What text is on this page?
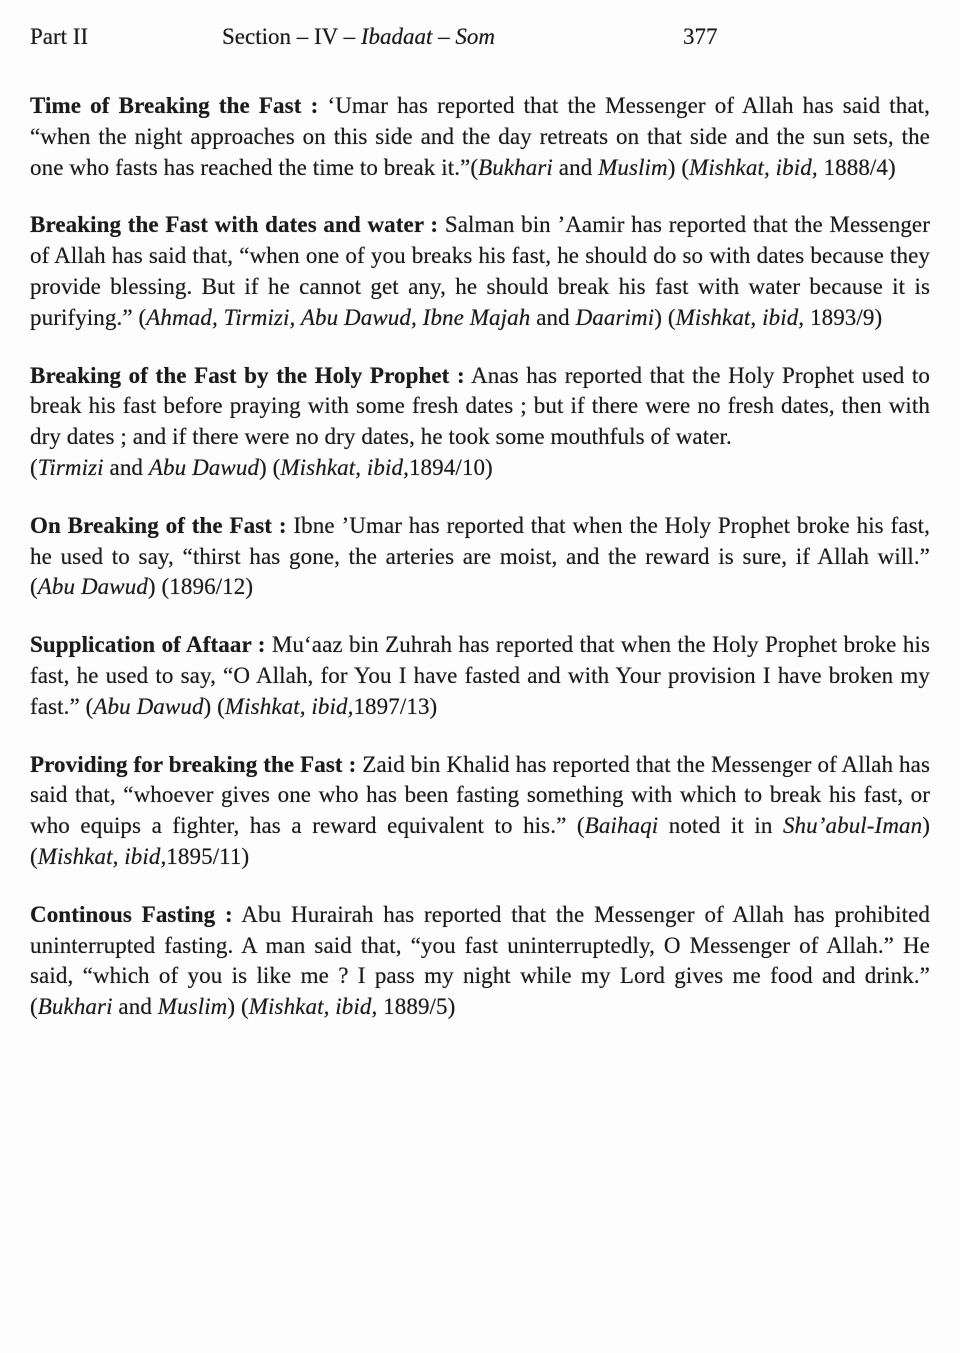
Part II	Section – IV – Ibadaat – Som	377

Time of Breaking the Fast : ‘Umar has reported that the Messenger of Allah has said that, “when the night approaches on this side and the day retreats on that side and the sun sets, the one who fasts has reached the time to break it.”(Bukhari and Muslim) (Mishkat, ibid, 1888/4)

Breaking the Fast with dates and water : Salman bin ’Aamir has reported that the Messenger of Allah has said that, “when one of you breaks his fast, he should do so with dates because they provide blessing. But if he cannot get any, he should break his fast with water because it is purifying.” (Ahmad, Tirmizi, Abu Dawud, Ibne Majah and Daarimi) (Mishkat, ibid, 1893/9)

Breaking of the Fast by the Holy Prophet : Anas has reported that the Holy Prophet used to break his fast before praying with some fresh dates ; but if there were no fresh dates, then with dry dates ; and if there were no dry dates, he took some mouthfuls of water.
(Tirmizi and Abu Dawud) (Mishkat, ibid,1894/10)

On Breaking of the Fast : Ibne ’Umar has reported that when the Holy Prophet broke his fast, he used to say, “thirst has gone, the arteries are moist, and the reward is sure, if Allah will.” (Abu Dawud) (1896/12)

Supplication of Aftaar : Mu‘aaz bin Zuhrah has reported that when the Holy Prophet broke his fast, he used to say, “O Allah, for You I have fasted and with Your provision I have broken my fast.” (Abu Dawud) (Mishkat, ibid,1897/13)

Providing for breaking the Fast : Zaid bin Khalid has reported that the Messenger of Allah has said that, “whoever gives one who has been fasting something with which to break his fast, or who equips a fighter, has a reward equivalent to his.” (Baihaqi noted it in Shu’abul-Iman) (Mishkat, ibid,1895/11)

Continous Fasting : Abu Hurairah has reported that the Messenger of Allah has prohibited uninterrupted fasting. A man said that, “you fast uninterruptedly, O Messenger of Allah.” He said, “which of you is like me ? I pass my night while my Lord gives me food and drink.” (Bukhari and Muslim) (Mishkat, ibid, 1889/5)
